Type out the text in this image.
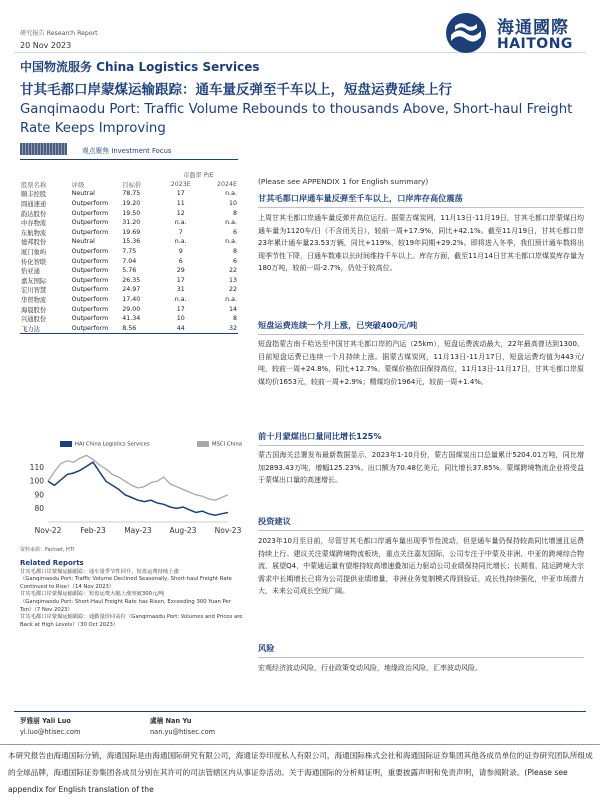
研究报告 Research Report
20 Nov 2023
海通國際
HAITONG
中国物流服务 China Logistics Services
甘其毛都口岸蒙煤运输跟踪：通车量反弹至千车以上，短盘运费延续上行
Ganqimaodu Port: Traffic Volume Rebounds to thousands Above, Short-haul Freight Rate Keeps Improving
观点聚焦 Investment Focus
			市盈率 P/E	
股票名称	评级	目标价	2023E	2024E
顺丰控股	Neutral	78.75	17	n.a.
圆通速递	Outperform	19.20	11	10
韵达股份	Outperform	19.50	12	8
中谷物流	Outperform	31.20	n.a.	n.a.
东航物流	Outperform	19.69	7	6
德邦股份	Neutral	15.36	n.a.	n.a.
厦门象屿	Outperform	7.75	9	8
传化智联	Outperform	7.04	6	6
怡亚通	Outperform	5.76	29	22
嘉友国际	Outperform	26.35	17	13
宏川智慧	Outperform	24.97	31	22
华贸物流	Outperform	17.40	n.a.	n.a.
海晨股份	Outperform	29.00	17	14
兴通股份	Outperform	41.34	10	8
飞力达	Outperform	8.56	44	32
HAI China Logistics Services	MSCI China
80
90
100
110
Nov-22	Feb-23 May-23 Aug-23 Nov-23
资料来源：Factset, HTI
Related Reports
甘其毛都口岸蒙煤运输跟踪：通车量季节性回升，短盘运费持续上涨
（Ganqimaodu Port: Traffic Volume Declined Seasonally, Short-haul Freight Rate Continued to Rise）（14 Nov 2023）
甘其毛都口岸蒙煤运输跟踪：短盘运费大幅上涨突破300元/吨
（Ganqimaodu Port: Short-Haul Freight Rate has Risen, Exceeding 300 Yuan Per Ton）（7 Nov 2023）
甘其毛都口岸蒙煤运输跟踪：通勤量价回高位（Ganqimaodu Port: Volumes and Prices are Back at High Levels）（30 Oct 2023）
(Please see APPENDIX 1 for English summary)
甘其毛都口岸通车量反弹至千车以上，口岸库存高位震荡
上周甘其毛都口岸通车量反弹并高位运行。据蒙古煤炭网，11月13日-11月19日，甘其毛都口岸蒙煤日均通车量为1120车/日（不含闭关日），较前一周+17.9%，同比+42.1%。截至11月19日，甘其毛都口岸23年累计通车量23.53万辆，同比+119%，较19年同期+29.2%。即将进入冬季，我们预计通车数将出现季节性下降，日通车数难以长时间维持千车以上。库存方面，截至11月14日甘其毛都口岸煤炭库存量为180万吨，较前一周-2.7%，仍处于较高位。
短盘运费连续一个月上涨，已突破400元/吨
短盘指蒙古南千哈达至中国甘其毛都口岸的汽运（25km），短盘运费波动最大，22年最高曾达到1300。目前短盘运费已连续一个月持续上涨。据蒙古煤炭网，11月13日-11月17日，短盘运费均值为443元/吨，较前一周+24.8%，同比+12.7%。蒙煤价格依旧保持高位，11月13日-11月17日，甘其毛都口岸原煤均价1653元，较前一周+2.9%；精煤均价1964元，较前一周+1.4%。
前十月蒙煤出口量同比增长125%
蒙古国海关总署发布最新数据显示，2023年1-10月份，蒙古国煤炭出口总量累计5204.01万吨，同比增加2893.43万吨，增幅125.23%。出口额为70.48亿美元，同比增长37.85%。蒙煤跨境物流企业将受益于蒙煤出口量的高速增长。
投资建议
2023年10月至目前，尽管甘其毛都口岸通车量出现季节性波动，但是通车量仍保持较高同比增速且运费持续上行。建议关注蒙煤跨境物流板块，重点关注嘉友国际，公司专注于中蒙及非洲、中亚的跨境综合物流，展望Q4，中蒙通运量有望维持较高增速叠加运力驱动公司业绩保持同比增长；长期看，陆运跨境大宗需求中长期增长已将为公司提供业绩增量，非洲业务复制模式得到验证，成长性持续强化，中亚市场潜力大，未来公司成长空间广阔。
风险
宏观经济波动风险，行业政策变动风险，地缘政治风险，汇率波动风险。
罗雅丽 Yali Luo
yl.luo@htisec.com
虞楠 Nan Yu
nan.yu@htisec.com
本研究报告由海通国际分销，海通国际是由海通国际研究有限公司，海通证券印度私人有限公司，海通国际株式会社和海通国际证券集团其他各成员单位的证券研究团队所组成的全球品牌，海通国际证券集团各成员分别在其许可的司法管辖区内从事证券活动。关于海通国际的分析师证明，重要披露声明和免责声明，请参阅附录。(Please see appendix for English translation of the
